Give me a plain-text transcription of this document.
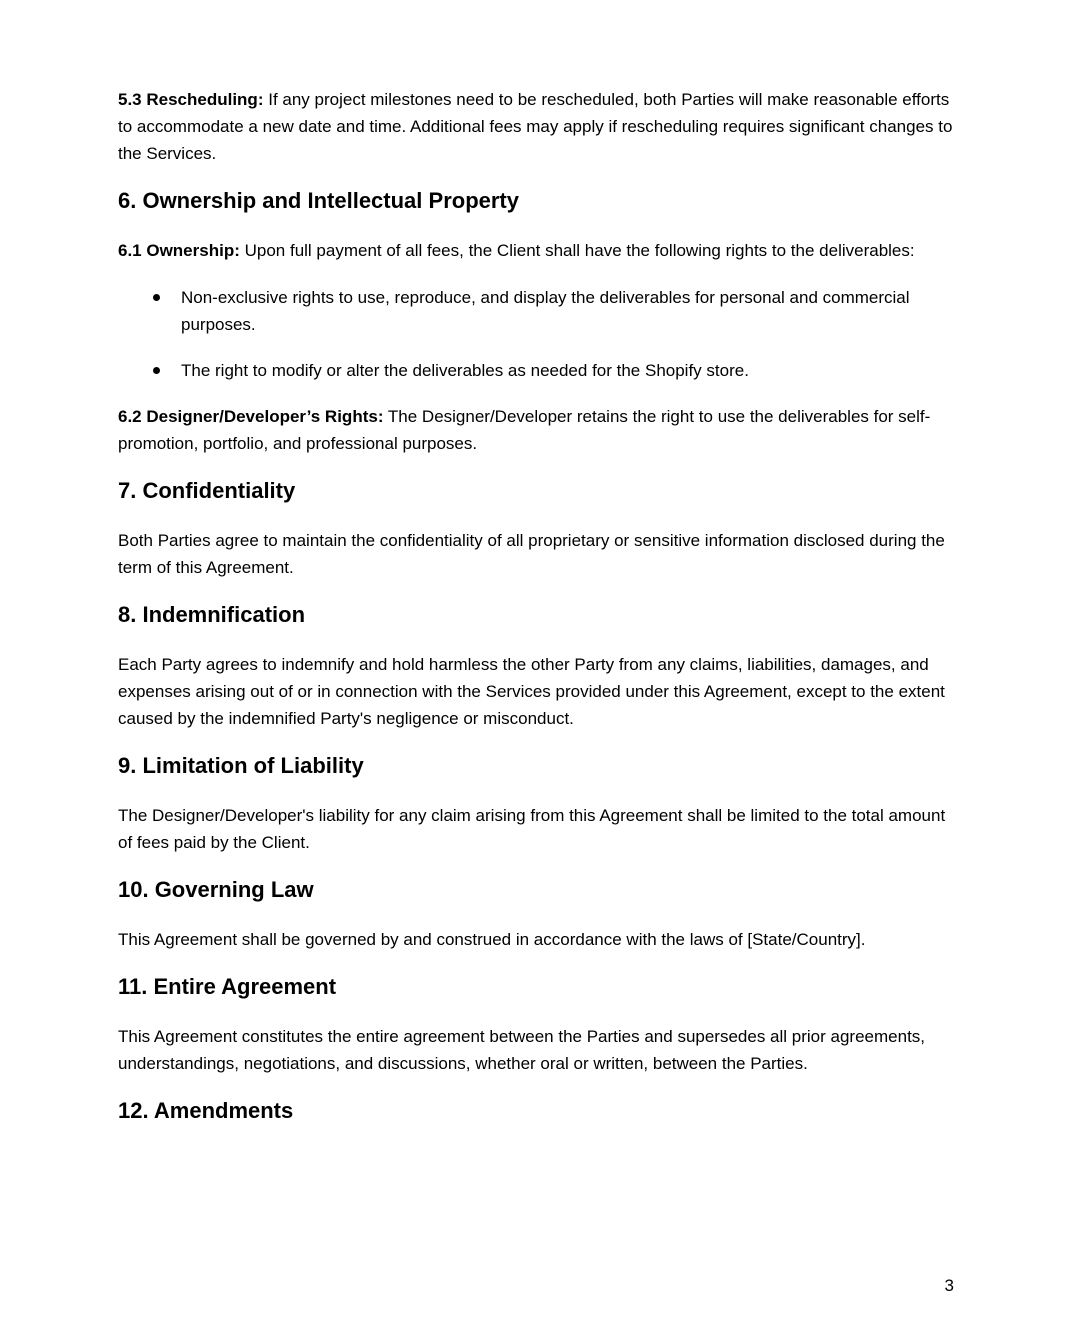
5.3 Rescheduling: If any project milestones need to be rescheduled, both Parties will make reasonable efforts to accommodate a new date and time. Additional fees may apply if rescheduling requires significant changes to the Services.

6. Ownership and Intellectual Property

6.1 Ownership: Upon full payment of all fees, the Client shall have the following rights to the deliverables:

Non-exclusive rights to use, reproduce, and display the deliverables for personal and commercial purposes.
The right to modify or alter the deliverables as needed for the Shopify store.

6.2 Designer/Developer’s Rights: The Designer/Developer retains the right to use the deliverables for self-promotion, portfolio, and professional purposes.

7. Confidentiality

Both Parties agree to maintain the confidentiality of all proprietary or sensitive information disclosed during the term of this Agreement.

8. Indemnification

Each Party agrees to indemnify and hold harmless the other Party from any claims, liabilities, damages, and expenses arising out of or in connection with the Services provided under this Agreement, except to the extent caused by the indemnified Party's negligence or misconduct.

9. Limitation of Liability

The Designer/Developer's liability for any claim arising from this Agreement shall be limited to the total amount of fees paid by the Client.

10. Governing Law

This Agreement shall be governed by and construed in accordance with the laws of [State/Country].

11. Entire Agreement

This Agreement constitutes the entire agreement between the Parties and supersedes all prior agreements, understandings, negotiations, and discussions, whether oral or written, between the Parties.

12. Amendments
3
